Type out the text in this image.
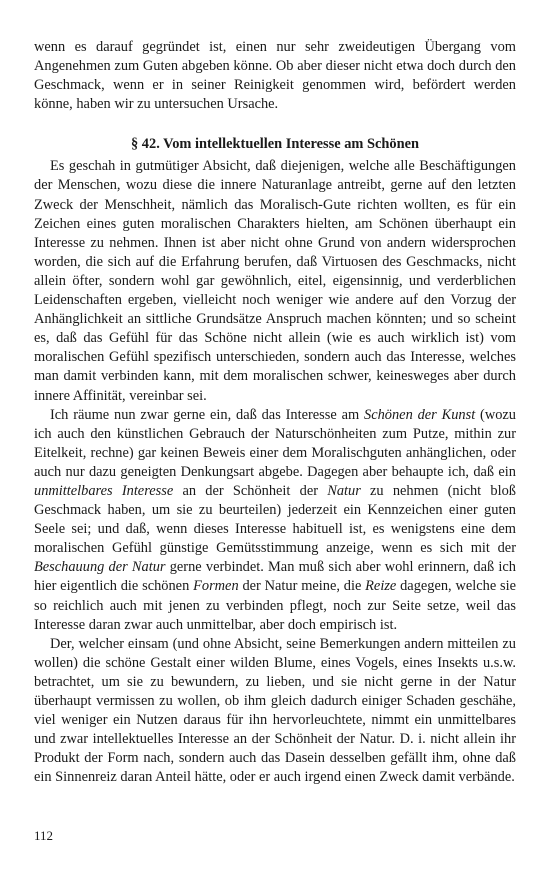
wenn es darauf gegründet ist, einen nur sehr zweideutigen Übergang vom Angenehmen zum Guten abgeben könne. Ob aber dieser nicht etwa doch durch den Geschmack, wenn er in seiner Reinigkeit genommen wird, befördert werden könne, haben wir zu untersuchen Ursache.

§ 42. Vom intellektuellen Interesse am Schönen

Es geschah in gutmütiger Absicht, daß diejenigen, welche alle Beschäftigungen der Menschen, wozu diese die innere Naturanlage antreibt, gerne auf den letzten Zweck der Menschheit, nämlich das Moralisch-Gute richten wollten, es für ein Zeichen eines guten moralischen Charakters hielten, am Schönen überhaupt ein Interesse zu nehmen. Ihnen ist aber nicht ohne Grund von andern widersprochen worden, die sich auf die Erfahrung berufen, daß Virtuosen des Geschmacks, nicht allein öfter, sondern wohl gar gewöhnlich, eitel, eigensinnig, und verderblichen Leidenschaften ergeben, vielleicht noch weniger wie andere auf den Vorzug der Anhänglichkeit an sittliche Grundsätze Anspruch machen könnten; und so scheint es, daß das Gefühl für das Schöne nicht allein (wie es auch wirklich ist) vom moralischen Gefühl spezifisch unterschieden, sondern auch das Interesse, welches man damit verbinden kann, mit dem moralischen schwer, keinesweges aber durch innere Affinität, vereinbar sei.

Ich räume nun zwar gerne ein, daß das Interesse am Schönen der Kunst (wozu ich auch den künstlichen Gebrauch der Naturschönheiten zum Putze, mithin zur Eitelkeit, rechne) gar keinen Beweis einer dem Moralischguten anhänglichen, oder auch nur dazu geneigten Denkungsart abgebe. Dagegen aber behaupte ich, daß ein unmittelbares Interesse an der Schönheit der Natur zu nehmen (nicht bloß Geschmack haben, um sie zu beurteilen) jederzeit ein Kennzeichen einer guten Seele sei; und daß, wenn dieses Interesse habituell ist, es wenigstens eine dem moralischen Gefühl günstige Gemütsstimmung anzeige, wenn es sich mit der Beschauung der Natur gerne verbindet. Man muß sich aber wohl erinnern, daß ich hier eigentlich die schönen Formen der Natur meine, die Reize dagegen, welche sie so reichlich auch mit jenen zu verbinden pflegt, noch zur Seite setze, weil das Interesse daran zwar auch unmittelbar, aber doch empirisch ist.

Der, welcher einsam (und ohne Absicht, seine Bemerkungen andern mitteilen zu wollen) die schöne Gestalt einer wilden Blume, eines Vogels, eines Insekts u.s.w. betrachtet, um sie zu bewundern, zu lieben, und sie nicht gerne in der Natur überhaupt vermissen zu wollen, ob ihm gleich dadurch einiger Schaden geschähe, viel weniger ein Nutzen daraus für ihn hervorleuchtete, nimmt ein unmittelbares und zwar intellektuelles Interesse an der Schönheit der Natur. D. i. nicht allein ihr Produkt der Form nach, sondern auch das Dasein desselben gefällt ihm, ohne daß ein Sinnenreiz daran Anteil hätte, oder er auch irgend einen Zweck damit verbände.

112
